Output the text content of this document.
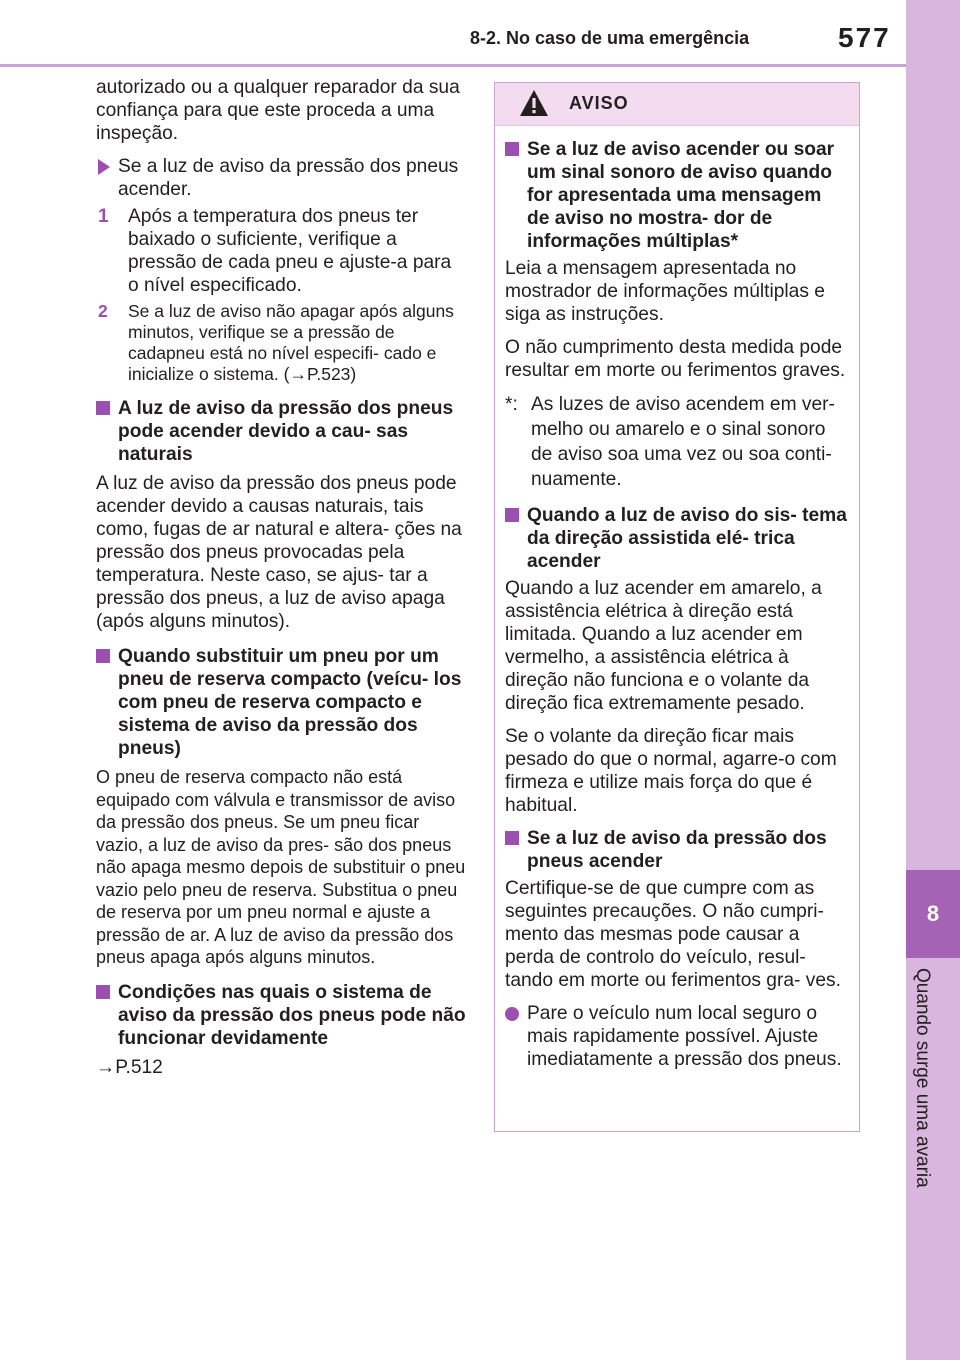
8-2. No caso de uma emergência	577
8
Quando surge uma avaria

autorizado ou a qualquer reparador da sua confiança para que este proceda a uma inspeção.

Se a luz de aviso da pressão dos pneus acender.
1 Após a temperatura dos pneus ter baixado o suficiente, verifique a pressão de cada pneu e ajuste-a para o nível especificado.
2 Se a luz de aviso não apagar após alguns minutos, verifique se a pressão de cadapneu está no nível especifi- cado e inicialize o sistema. (→P.523)
A luz de aviso da pressão dos pneus pode acender devido a cau- sas naturais

A luz de aviso da pressão dos pneus pode acender devido a causas naturais, tais como, fugas de ar natural e altera- ções na pressão dos pneus provocadas pela temperatura. Neste caso, se ajus- tar a pressão dos pneus, a luz de aviso apaga (após alguns minutos).

Quando substituir um pneu por um pneu de reserva compacto (veícu- los com pneu de reserva compacto e sistema de aviso da pressão dos pneus)

O pneu de reserva compacto não está equipado com válvula e transmissor de aviso da pressão dos pneus. Se um pneu ficar vazio, a luz de aviso da pres- são dos pneus não apaga mesmo depois de substituir o pneu vazio pelo pneu de reserva. Substitua o pneu de reserva por um pneu normal e ajuste a pressão de ar. A luz de aviso da pressão dos pneus apaga após alguns minutos.

Condições nas quais o sistema de aviso da pressão dos pneus pode não funcionar devidamente

→P.512

AVISO
Se a luz de aviso acender ou soar um sinal sonoro de aviso quando for apresentada uma mensagem de aviso no mostra- dor de informações múltiplas*

Leia a mensagem apresentada no mostrador de informações múltiplas e siga as instruções.

O não cumprimento desta medida pode resultar em morte ou ferimentos graves.

*: As luzes de aviso acendem em ver- melho ou amarelo e o sinal sonoro de aviso soa uma vez ou soa conti- nuamente.
Quando a luz de aviso do sis- tema da direção assistida elé- trica acender

Quando a luz acender em amarelo, a assistência elétrica à direção está limitada. Quando a luz acender em vermelho, a assistência elétrica à direção não funciona e o volante da direção fica extremamente pesado.

Se o volante da direção ficar mais pesado do que o normal, agarre-o com firmeza e utilize mais força do que é habitual.

Se a luz de aviso da pressão dos pneus acender

Certifique-se de que cumpre com as seguintes precauções. O não cumpri- mento das mesmas pode causar a perda de controlo do veículo, resul- tando em morte ou ferimentos gra- ves.

Pare o veículo num local seguro o mais rapidamente possível. Ajuste imediatamente a pressão dos pneus.
